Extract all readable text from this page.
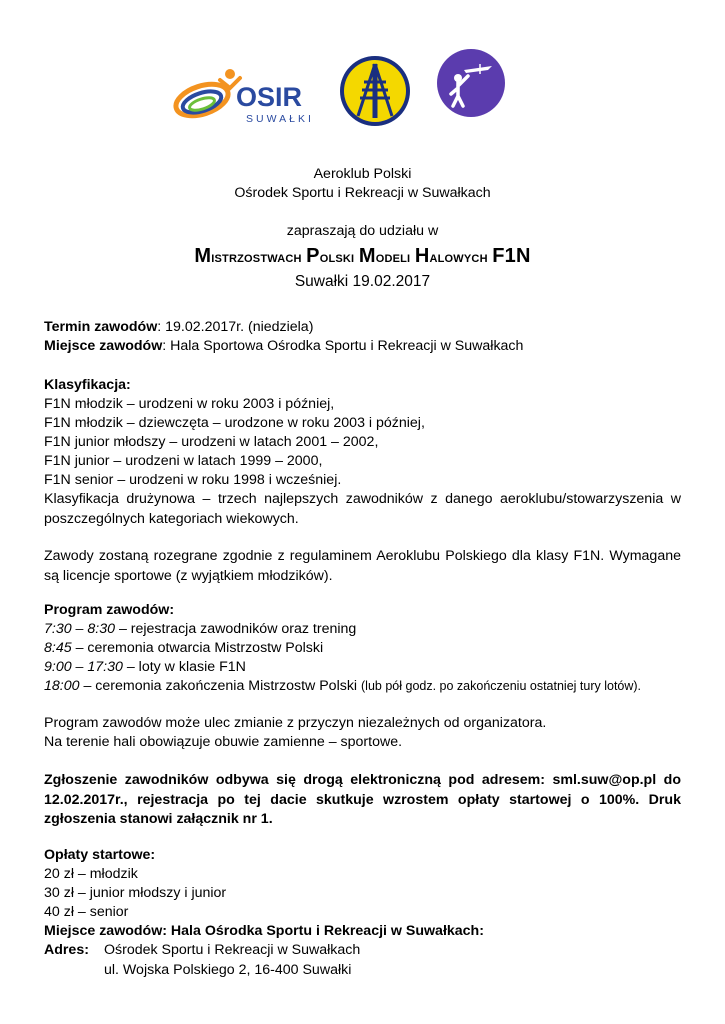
OSIR
SUWAŁKI
Aeroklub Polski
Ośrodek Sportu i Rekreacji w Suwałkach
zapraszają do udziału w
Mistrzostwach Polski Modeli Halowych F1N
Suwałki 19.02.2017
Termin zawodów: 19.02.2017r. (niedziela)
Miejsce zawodów: Hala Sportowa Ośrodka Sportu i Rekreacji w Suwałkach
Klasyfikacja:
F1N młodzik – urodzeni w roku 2003 i później,
F1N młodzik – dziewczęta – urodzone w roku 2003 i później,
F1N junior młodszy – urodzeni w latach 2001 – 2002,
F1N junior – urodzeni w latach 1999 – 2000,
F1N senior – urodzeni w roku 1998 i wcześniej.
Klasyfikacja drużynowa – trzech najlepszych zawodników z danego aeroklubu/stowarzyszenia w poszczególnych kategoriach wiekowych.
Zawody zostaną rozegrane zgodnie z regulaminem Aeroklubu Polskiego dla klasy F1N. Wymagane są licencje sportowe (z wyjątkiem młodzików).
Program zawodów:
7:30 – 8:30 – rejestracja zawodników oraz trening
8:45 – ceremonia otwarcia Mistrzostw Polski
9:00 – 17:30 – loty w klasie F1N
18:00 – ceremonia zakończenia Mistrzostw Polski (lub pół godz. po zakończeniu ostatniej tury lotów).
Program zawodów może ulec zmianie z przyczyn niezależnych od organizatora.
Na terenie hali obowiązuje obuwie zamienne – sportowe.
Zgłoszenie zawodników odbywa się drogą elektroniczną pod adresem: sml.suw@op.pl do 12.02.2017r., rejestracja po tej dacie skutkuje wzrostem opłaty startowej o 100%. Druk zgłoszenia stanowi załącznik nr 1.
Opłaty startowe:
20 zł – młodzik
30 zł – junior młodszy i junior
40 zł – senior
Miejsce zawodów: Hala Ośrodka Sportu i Rekreacji w Suwałkach:
Adres: Ośrodek Sportu i Rekreacji w Suwałkach
ul. Wojska Polskiego 2, 16-400 Suwałki
